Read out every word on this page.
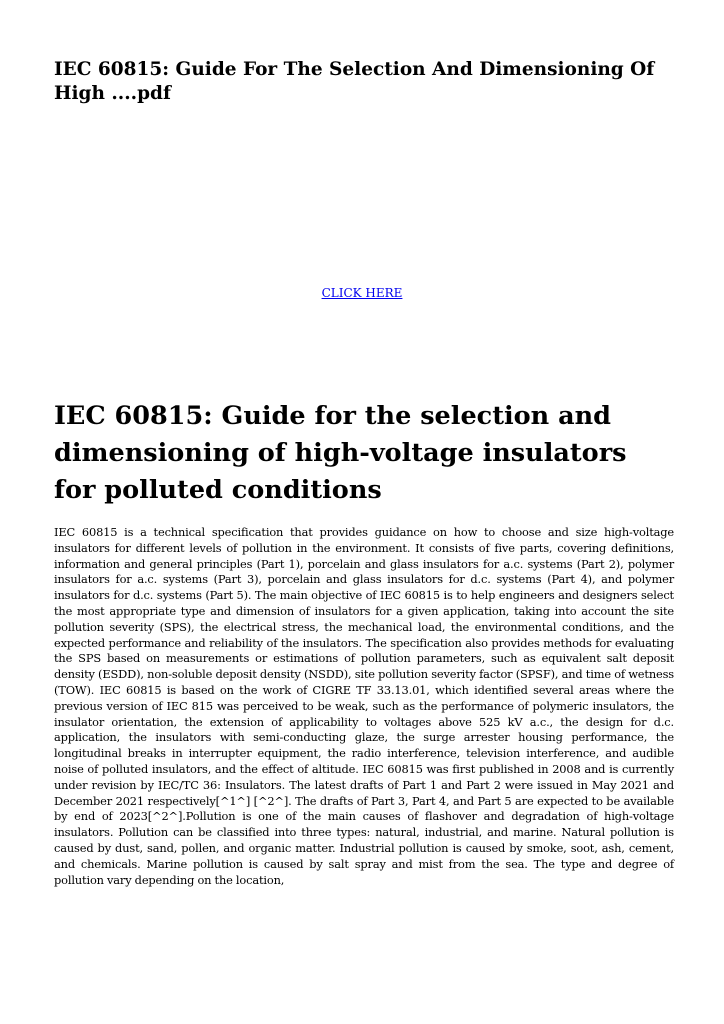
IEC 60815: Guide For The Selection And Dimensioning Of High ....pdf
CLICK HERE
IEC 60815: Guide for the selection and dimensioning of high-voltage insulators for polluted conditions

IEC 60815 is a technical specification that provides guidance on how to choose and size high-voltage insulators for different levels of pollution in the environment. It consists of five parts, covering definitions, information and general principles (Part 1), porcelain and glass insulators for a.c. systems (Part 2), polymer insulators for a.c. systems (Part 3), porcelain and glass insulators for d.c. systems (Part 4), and polymer insulators for d.c. systems (Part 5). The main objective of IEC 60815 is to help engineers and designers select the most appropriate type and dimension of insulators for a given application, taking into account the site pollution severity (SPS), the electrical stress, the mechanical load, the environmental conditions, and the expected performance and reliability of the insulators. The specification also provides methods for evaluating the SPS based on measurements or estimations of pollution parameters, such as equivalent salt deposit density (ESDD), non-soluble deposit density (NSDD), site pollution severity factor (SPSF), and time of wetness (TOW). IEC 60815 is based on the work of CIGRE TF 33.13.01, which identified several areas where the previous version of IEC 815 was perceived to be weak, such as the performance of polymeric insulators, the insulator orientation, the extension of applicability to voltages above 525 kV a.c., the design for d.c. application, the insulators with semi-conducting glaze, the surge arrester housing performance, the longitudinal breaks in interrupter equipment, the radio interference, television interference, and audible noise of polluted insulators, and the effect of altitude. IEC 60815 was first published in 2008 and is currently under revision by IEC/TC 36: Insulators. The latest drafts of Part 1 and Part 2 were issued in May 2021 and December 2021 respectively[^1^] [^2^]. The drafts of Part 3, Part 4, and Part 5 are expected to be available by end of 2023[^2^].Pollution is one of the main causes of flashover and degradation of high-voltage insulators. Pollution can be classified into three types: natural, industrial, and marine. Natural pollution is caused by dust, sand, pollen, and organic matter. Industrial pollution is caused by smoke, soot, ash, cement, and chemicals. Marine pollution is caused by salt spray and mist from the sea. The type and degree of pollution vary depending on the location,
